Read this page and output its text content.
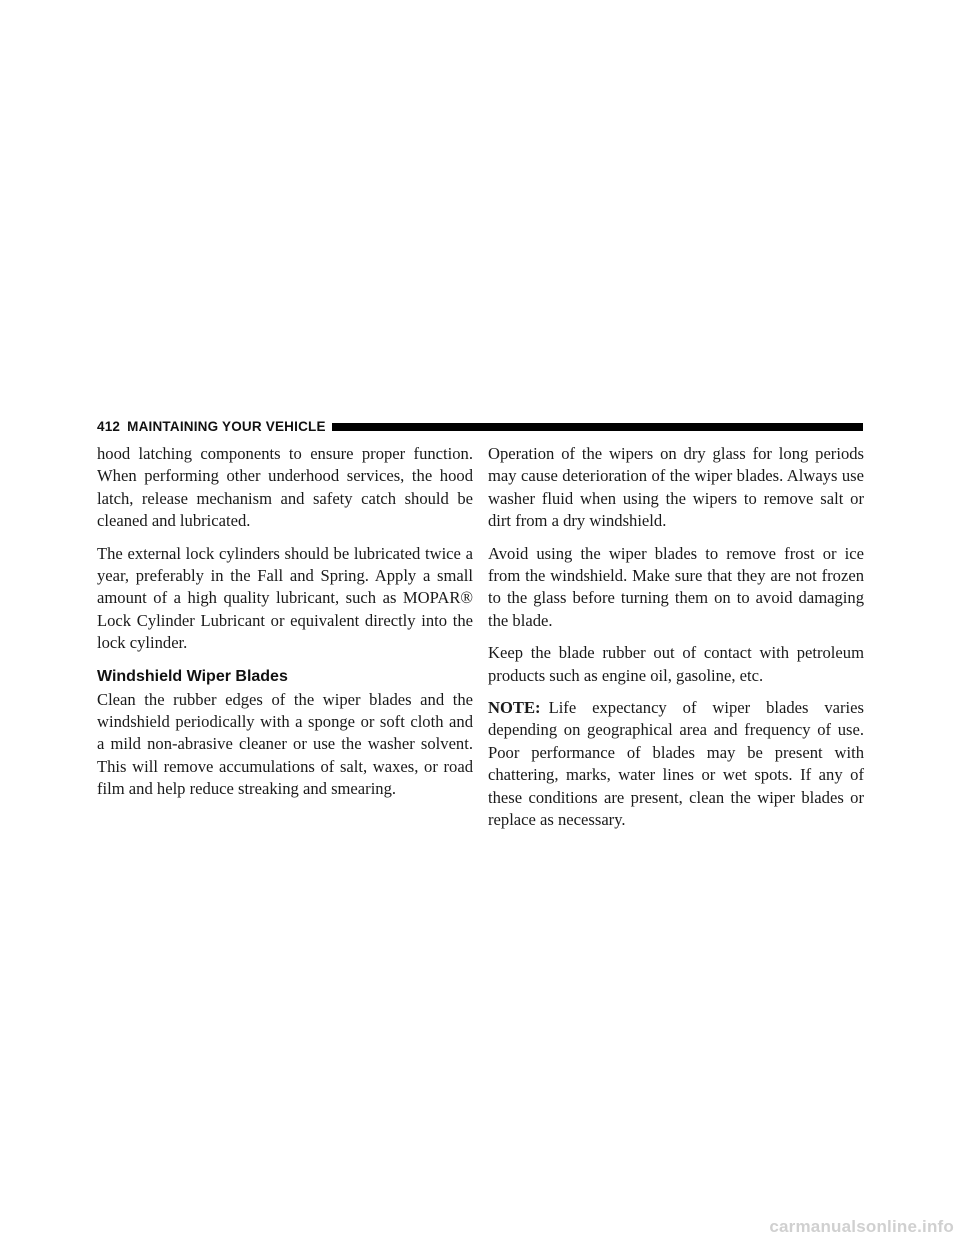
412 MAINTAINING YOUR VEHICLE

hood latching components to ensure proper function. When performing other underhood services, the hood latch, release mechanism and safety catch should be cleaned and lubricated.

The external lock cylinders should be lubricated twice a year, preferably in the Fall and Spring. Apply a small amount of a high quality lubricant, such as MOPAR® Lock Cylinder Lubricant or equivalent directly into the lock cylinder.

Windshield Wiper Blades

Clean the rubber edges of the wiper blades and the windshield periodically with a sponge or soft cloth and a mild non-abrasive cleaner or use the washer solvent. This will remove accumulations of salt, waxes, or road film and help reduce streaking and smearing.

Operation of the wipers on dry glass for long periods may cause deterioration of the wiper blades. Always use washer fluid when using the wipers to remove salt or dirt from a dry windshield.

Avoid using the wiper blades to remove frost or ice from the windshield. Make sure that they are not frozen to the glass before turning them on to avoid damaging the blade.

Keep the blade rubber out of contact with petroleum products such as engine oil, gasoline, etc.

NOTE: Life expectancy of wiper blades varies depending on geographical area and frequency of use. Poor performance of blades may be present with chattering, marks, water lines or wet spots. If any of these conditions are present, clean the wiper blades or replace as necessary.

carmanualsonline.info
